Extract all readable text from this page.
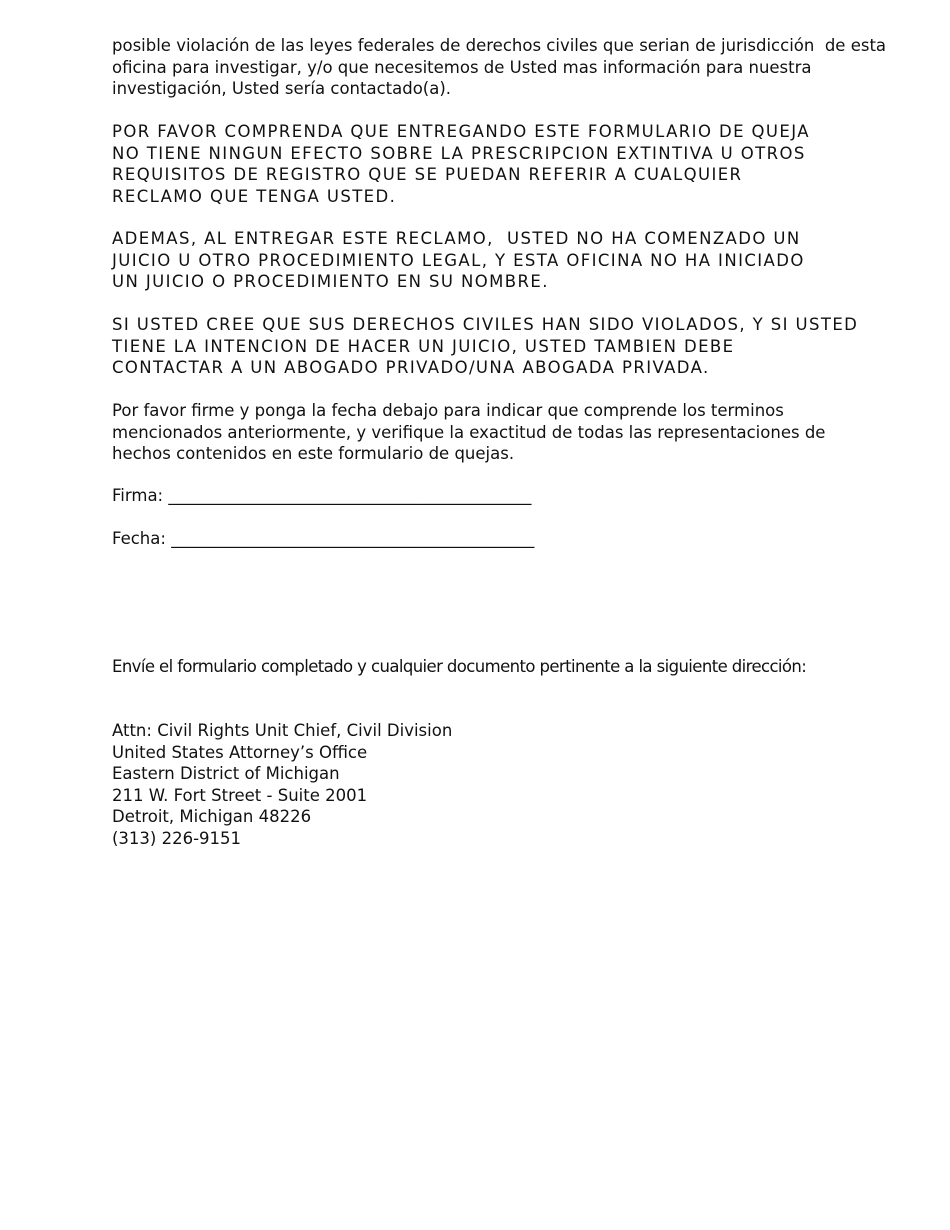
posible violación de las leyes federales de derechos civiles que serian de jurisdicción  de esta
oficina para investigar, y/o que necesitemos de Usted mas información para nuestra
investigación, Usted sería contactado(a).
POR FAVOR COMPRENDA QUE ENTREGANDO ESTE FORMULARIO DE QUEJA
NO TIENE NINGUN EFECTO SOBRE LA PRESCRIPCION EXTINTIVA U OTROS
REQUISITOS DE REGISTRO QUE SE PUEDAN REFERIR A CUALQUIER
RECLAMO QUE TENGA USTED.
ADEMAS, AL ENTREGAR ESTE RECLAMO,  USTED NO HA COMENZADO UN
JUICIO U OTRO PROCEDIMIENTO LEGAL, Y ESTA OFICINA NO HA INICIADO
UN JUICIO O PROCEDIMIENTO EN SU NOMBRE.
SI USTED CREE QUE SUS DERECHOS CIVILES HAN SIDO VIOLADOS, Y SI USTED
TIENE LA INTENCION DE HACER UN JUICIO, USTED TAMBIEN DEBE
CONTACTAR A UN ABOGADO PRIVADO/UNA ABOGADA PRIVADA.
Por favor firme y ponga la fecha debajo para indicar que comprende los terminos
mencionados anteriormente, y verifique la exactitud de todas las representaciones de
hechos contenidos en este formulario de quejas.
Firma: ____________________________________________
Fecha: ____________________________________________
Envíe el formulario completado y cualquier documento pertinente a la siguiente dirección:
Attn: Civil Rights Unit Chief, Civil Division
United States Attorney’s Office
Eastern District of Michigan
211 W. Fort Street - Suite 2001
Detroit, Michigan 48226
(313) 226-9151
